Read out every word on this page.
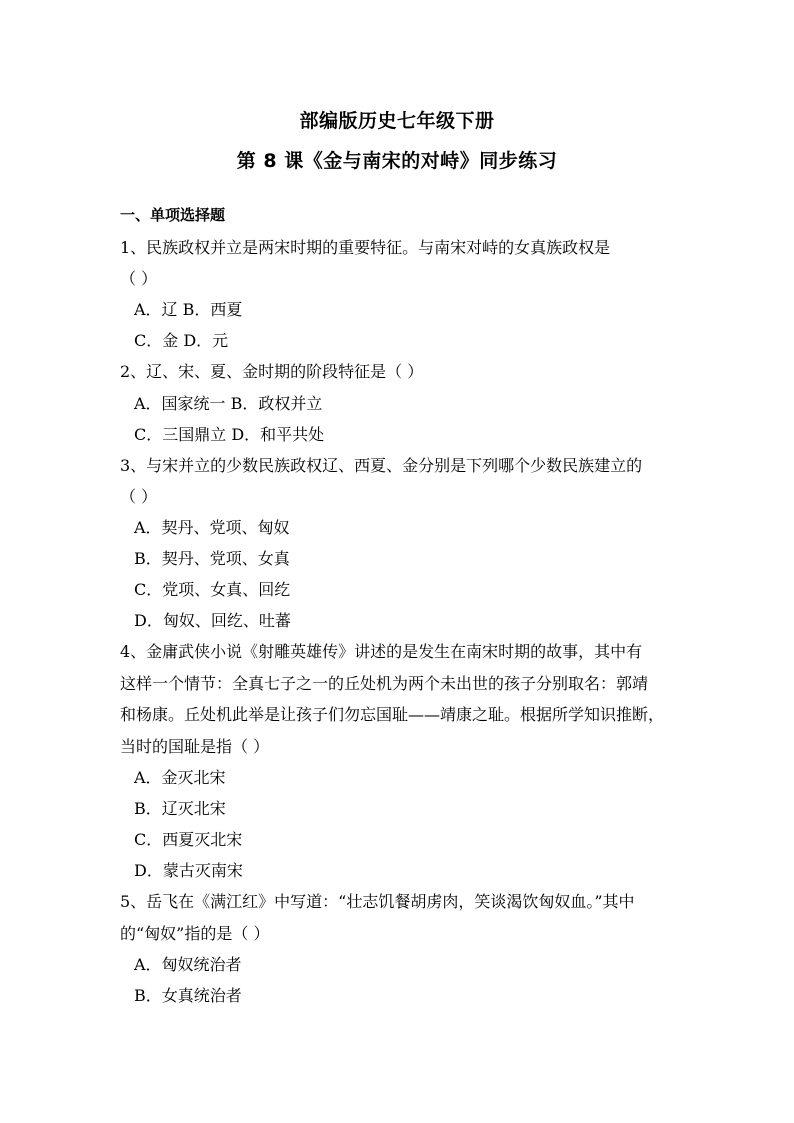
部编版历史七年级下册
第 8 课《金与南宋的对峙》同步练习
一、单项选择题
1、民族政权并立是两宋时期的重要特征。与南宋对峙的女真族政权是
（ ）
A．辽 B．西夏
C．金 D．元
2、辽、宋、夏、金时期的阶段特征是（ ）
A．国家统一 B．政权并立
C．三国鼎立 D．和平共处
3、与宋并立的少数民族政权辽、西夏、金分别是下列哪个少数民族建立的
（ ）
A．契丹、党项、匈奴
B．契丹、党项、女真
C．党项、女真、回纥
D．匈奴、回纥、吐蕃
4、金庸武侠小说《射雕英雄传》讲述的是发生在南宋时期的故事，其中有
这样一个情节：全真七子之一的丘处机为两个未出世的孩子分别取名：郭靖
和杨康。丘处机此举是让孩子们勿忘国耻——靖康之耻。根据所学知识推断，
当时的国耻是指（ ）
A．金灭北宋
B．辽灭北宋
C．西夏灭北宋
D．蒙古灭南宋
5、岳飞在《满江红》中写道：“壮志饥餐胡虏肉，笑谈渴饮匈奴血。”其中
的“匈奴”指的是（ ）
A．匈奴统治者
B．女真统治者
